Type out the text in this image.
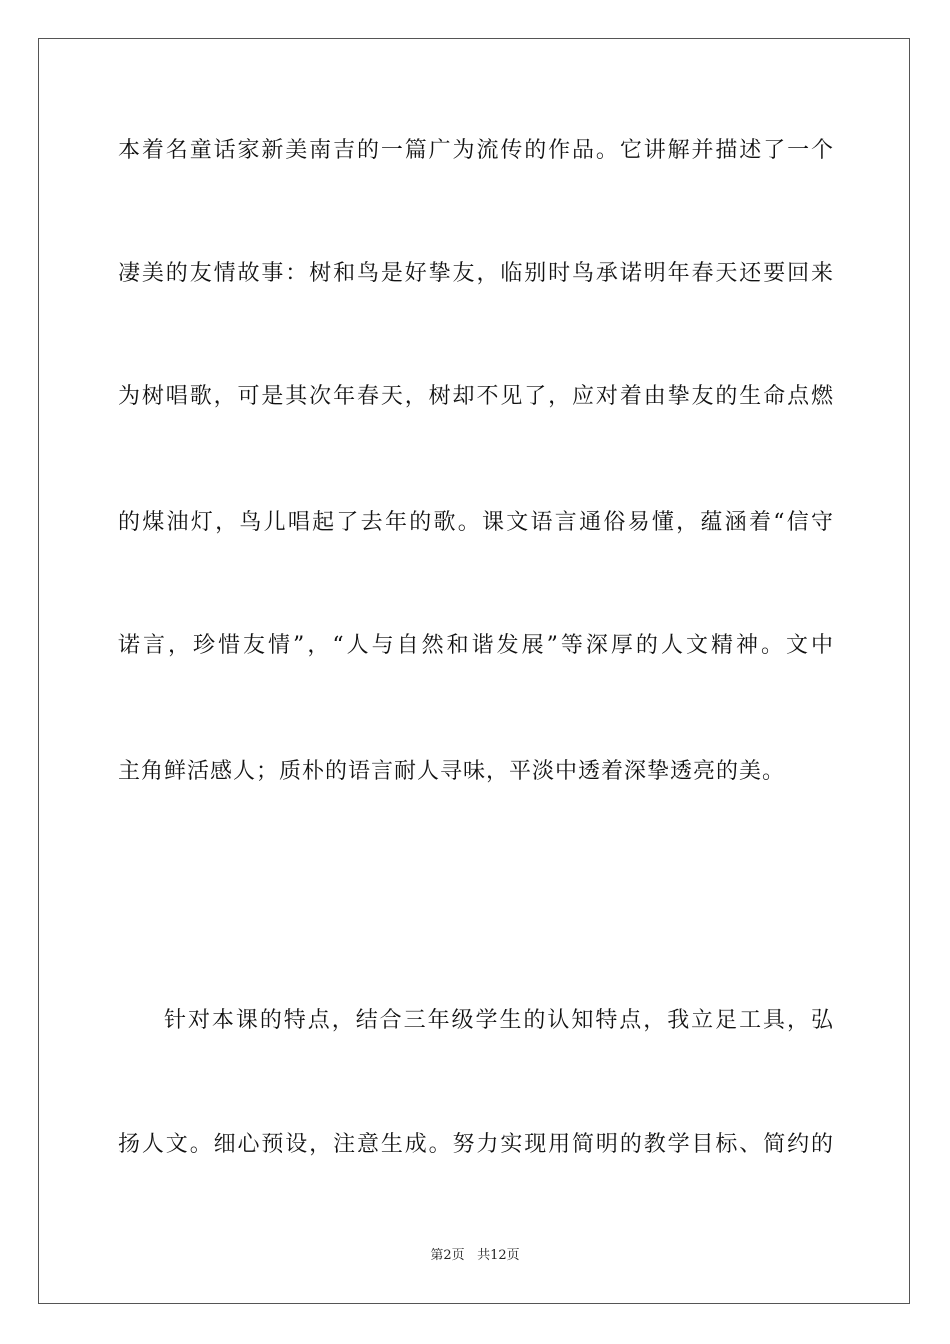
本着名童话家新美南吉的一篇广为流传的作品。它讲解并描述了一个
凄美的友情故事：树和鸟是好挚友，临别时鸟承诺明年春天还要回来
为树唱歌，可是其次年春天，树却不见了，应对着由挚友的生命点燃
的煤油灯，鸟儿唱起了去年的歌。课文语言通俗易懂，蕴涵着“信守
诺言，珍惜友情”，“人与自然和谐发展”等深厚的人文精神。文中
主角鲜活感人；质朴的语言耐人寻味，平淡中透着深挚透亮的美。
针对本课的特点，结合三年级学生的认知特点，我立足工具，弘
扬人文。细心预设，注意生成。努力实现用简明的教学目标、简约的
第2页 共12页
